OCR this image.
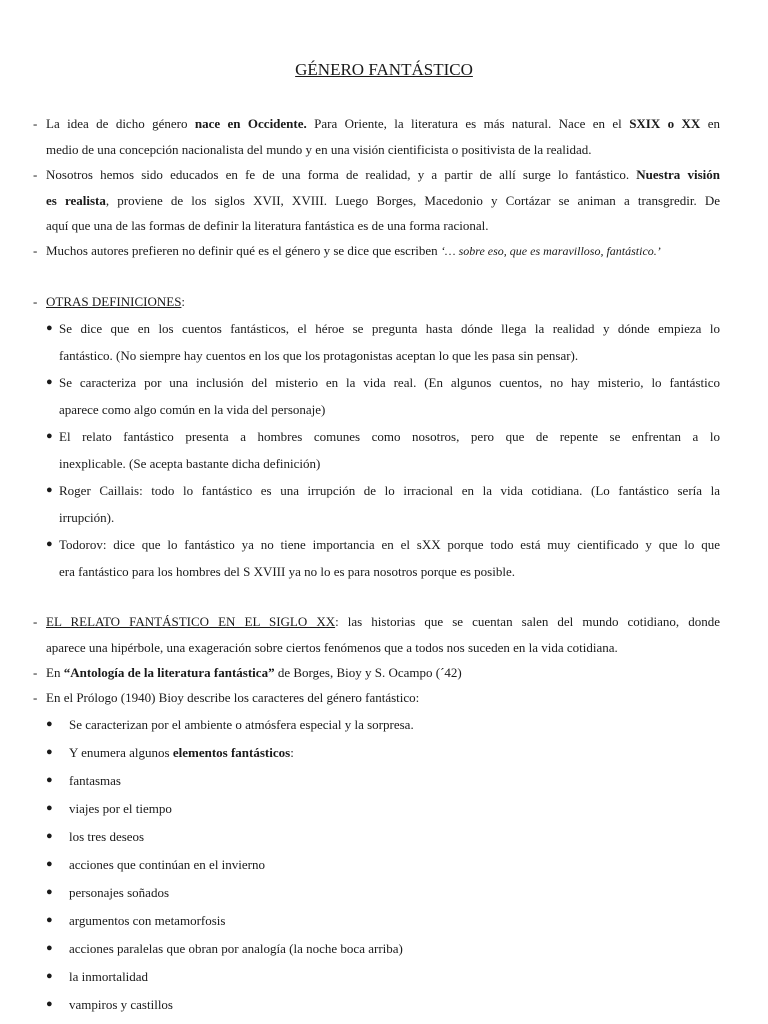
GÉNERO FANTÁSTICO
- La idea de dicho género nace en Occidente. Para Oriente, la literatura es más natural. Nace en el SXIX o XX en
medio de una concepción nacionalista del mundo y en una visión cientificista o positivista de la realidad.
- Nosotros hemos sido educados en fe de una forma de realidad, y a partir de allí surge lo fantástico. Nuestra visión
es realista, proviene de los siglos XVII, XVIII. Luego Borges, Macedonio y Cortázar se animan a transgredir. De
aquí que una de las formas de definir la literatura fantástica es de una forma racional.
- Muchos autores prefieren no definir qué es el género y se dice que escriben ‘… sobre eso, que es maravilloso, fantástico.’
- OTRAS DEFINICIONES:
● Se dice que en los cuentos fantásticos, el héroe se pregunta hasta dónde llega la realidad y dónde empieza lo
fantástico. (No siempre hay cuentos en los que los protagonistas aceptan lo que les pasa sin pensar).
● Se caracteriza por una inclusión del misterio en la vida real. (En algunos cuentos, no hay misterio, lo fantástico
aparece como algo común en la vida del personaje)
● El relato fantástico presenta a hombres comunes como nosotros, pero que de repente se enfrentan a lo
inexplicable. (Se acepta bastante dicha definición)
● Roger Caillais: todo lo fantástico es una irrupción de lo irracional en la vida cotidiana. (Lo fantástico sería la
irrupción).
● Todorov: dice que lo fantástico ya no tiene importancia en el sXX porque todo está muy cientificado y que lo que
era fantástico para los hombres del S XVIII ya no lo es para nosotros porque es posible.
- EL RELATO FANTÁSTICO EN EL SIGLO XX: las historias que se cuentan salen del mundo cotidiano, donde
aparece una hipérbole, una exageración sobre ciertos fenómenos que a todos nos suceden en la vida cotidiana.
- En “Antología de la literatura fantástica” de Borges, Bioy y S. Ocampo (´42)
- En el Prólogo (1940) Bioy describe los caracteres del género fantástico:
● Se caracterizan por el ambiente o atmósfera especial y la sorpresa.
● Y enumera algunos elementos fantásticos:
● fantasmas
● viajes por el tiempo
● los tres deseos
● acciones que continúan en el invierno
● personajes soñados
● argumentos con metamorfosis
● acciones paralelas que obran por analogía (la noche boca arriba)
● la inmortalidad
● vampiros y castillos
